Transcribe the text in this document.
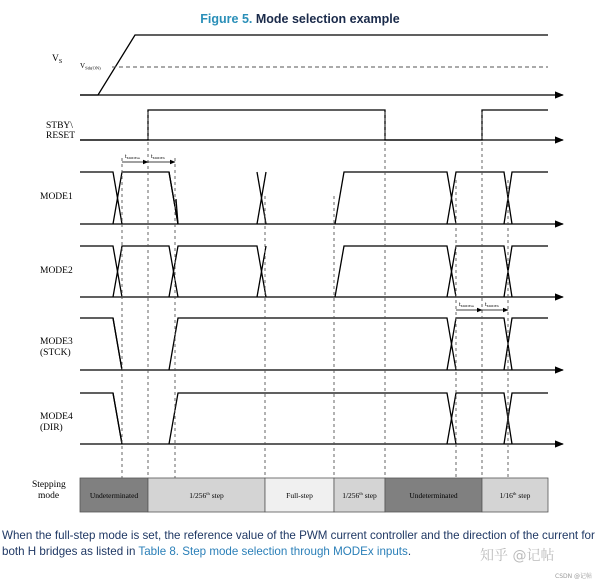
Figure 5. Mode selection example
$V_S$
STBY\
RESET
MODE1
MODE2
MODE3
(STCK)
MODE4
(DIR)
Stepping
mode
$V_{Sth(ON)}$
tMODEsu tMODEh
tMODEsu tMODEh
Undeterminated	1/256th step	Full-step	1/256th step	Undeterminated	1/16th step
When the full-step mode is set, the reference value of the PWM current controller and the direction of the current for both H bridges as listed in Table 8. Step mode selection through MODEx inputs.	知乎 @记帖
CSDN @记帖
